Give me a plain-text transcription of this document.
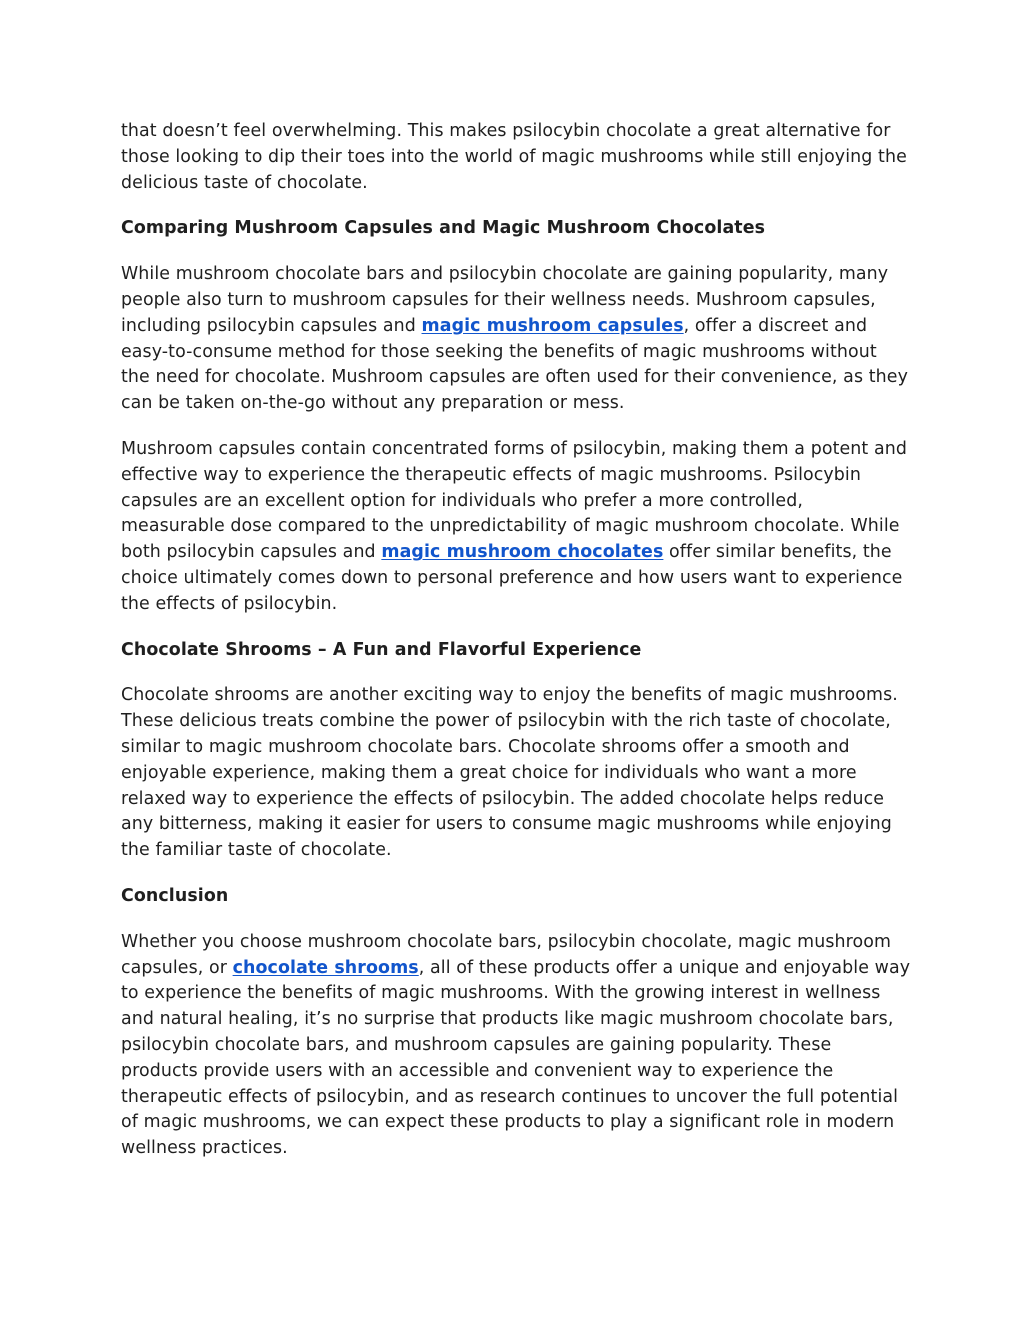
that doesn’t feel overwhelming. This makes psilocybin chocolate a great alternative for those looking to dip their toes into the world of magic mushrooms while still enjoying the delicious taste of chocolate.

Comparing Mushroom Capsules and Magic Mushroom Chocolates

While mushroom chocolate bars and psilocybin chocolate are gaining popularity, many people also turn to mushroom capsules for their wellness needs. Mushroom capsules, including psilocybin capsules and magic mushroom capsules, offer a discreet and easy-to-consume method for those seeking the benefits of magic mushrooms without the need for chocolate. Mushroom capsules are often used for their convenience, as they can be taken on-the-go without any preparation or mess.

Mushroom capsules contain concentrated forms of psilocybin, making them a potent and effective way to experience the therapeutic effects of magic mushrooms. Psilocybin capsules are an excellent option for individuals who prefer a more controlled, measurable dose compared to the unpredictability of magic mushroom chocolate. While both psilocybin capsules and magic mushroom chocolates offer similar benefits, the choice ultimately comes down to personal preference and how users want to experience the effects of psilocybin.

Chocolate Shrooms – A Fun and Flavorful Experience

Chocolate shrooms are another exciting way to enjoy the benefits of magic mushrooms. These delicious treats combine the power of psilocybin with the rich taste of chocolate, similar to magic mushroom chocolate bars. Chocolate shrooms offer a smooth and enjoyable experience, making them a great choice for individuals who want a more relaxed way to experience the effects of psilocybin. The added chocolate helps reduce any bitterness, making it easier for users to consume magic mushrooms while enjoying the familiar taste of chocolate.

Conclusion

Whether you choose mushroom chocolate bars, psilocybin chocolate, magic mushroom capsules, or chocolate shrooms, all of these products offer a unique and enjoyable way to experience the benefits of magic mushrooms. With the growing interest in wellness and natural healing, it’s no surprise that products like magic mushroom chocolate bars, psilocybin chocolate bars, and mushroom capsules are gaining popularity. These products provide users with an accessible and convenient way to experience the therapeutic effects of psilocybin, and as research continues to uncover the full potential of magic mushrooms, we can expect these products to play a significant role in modern wellness practices.
